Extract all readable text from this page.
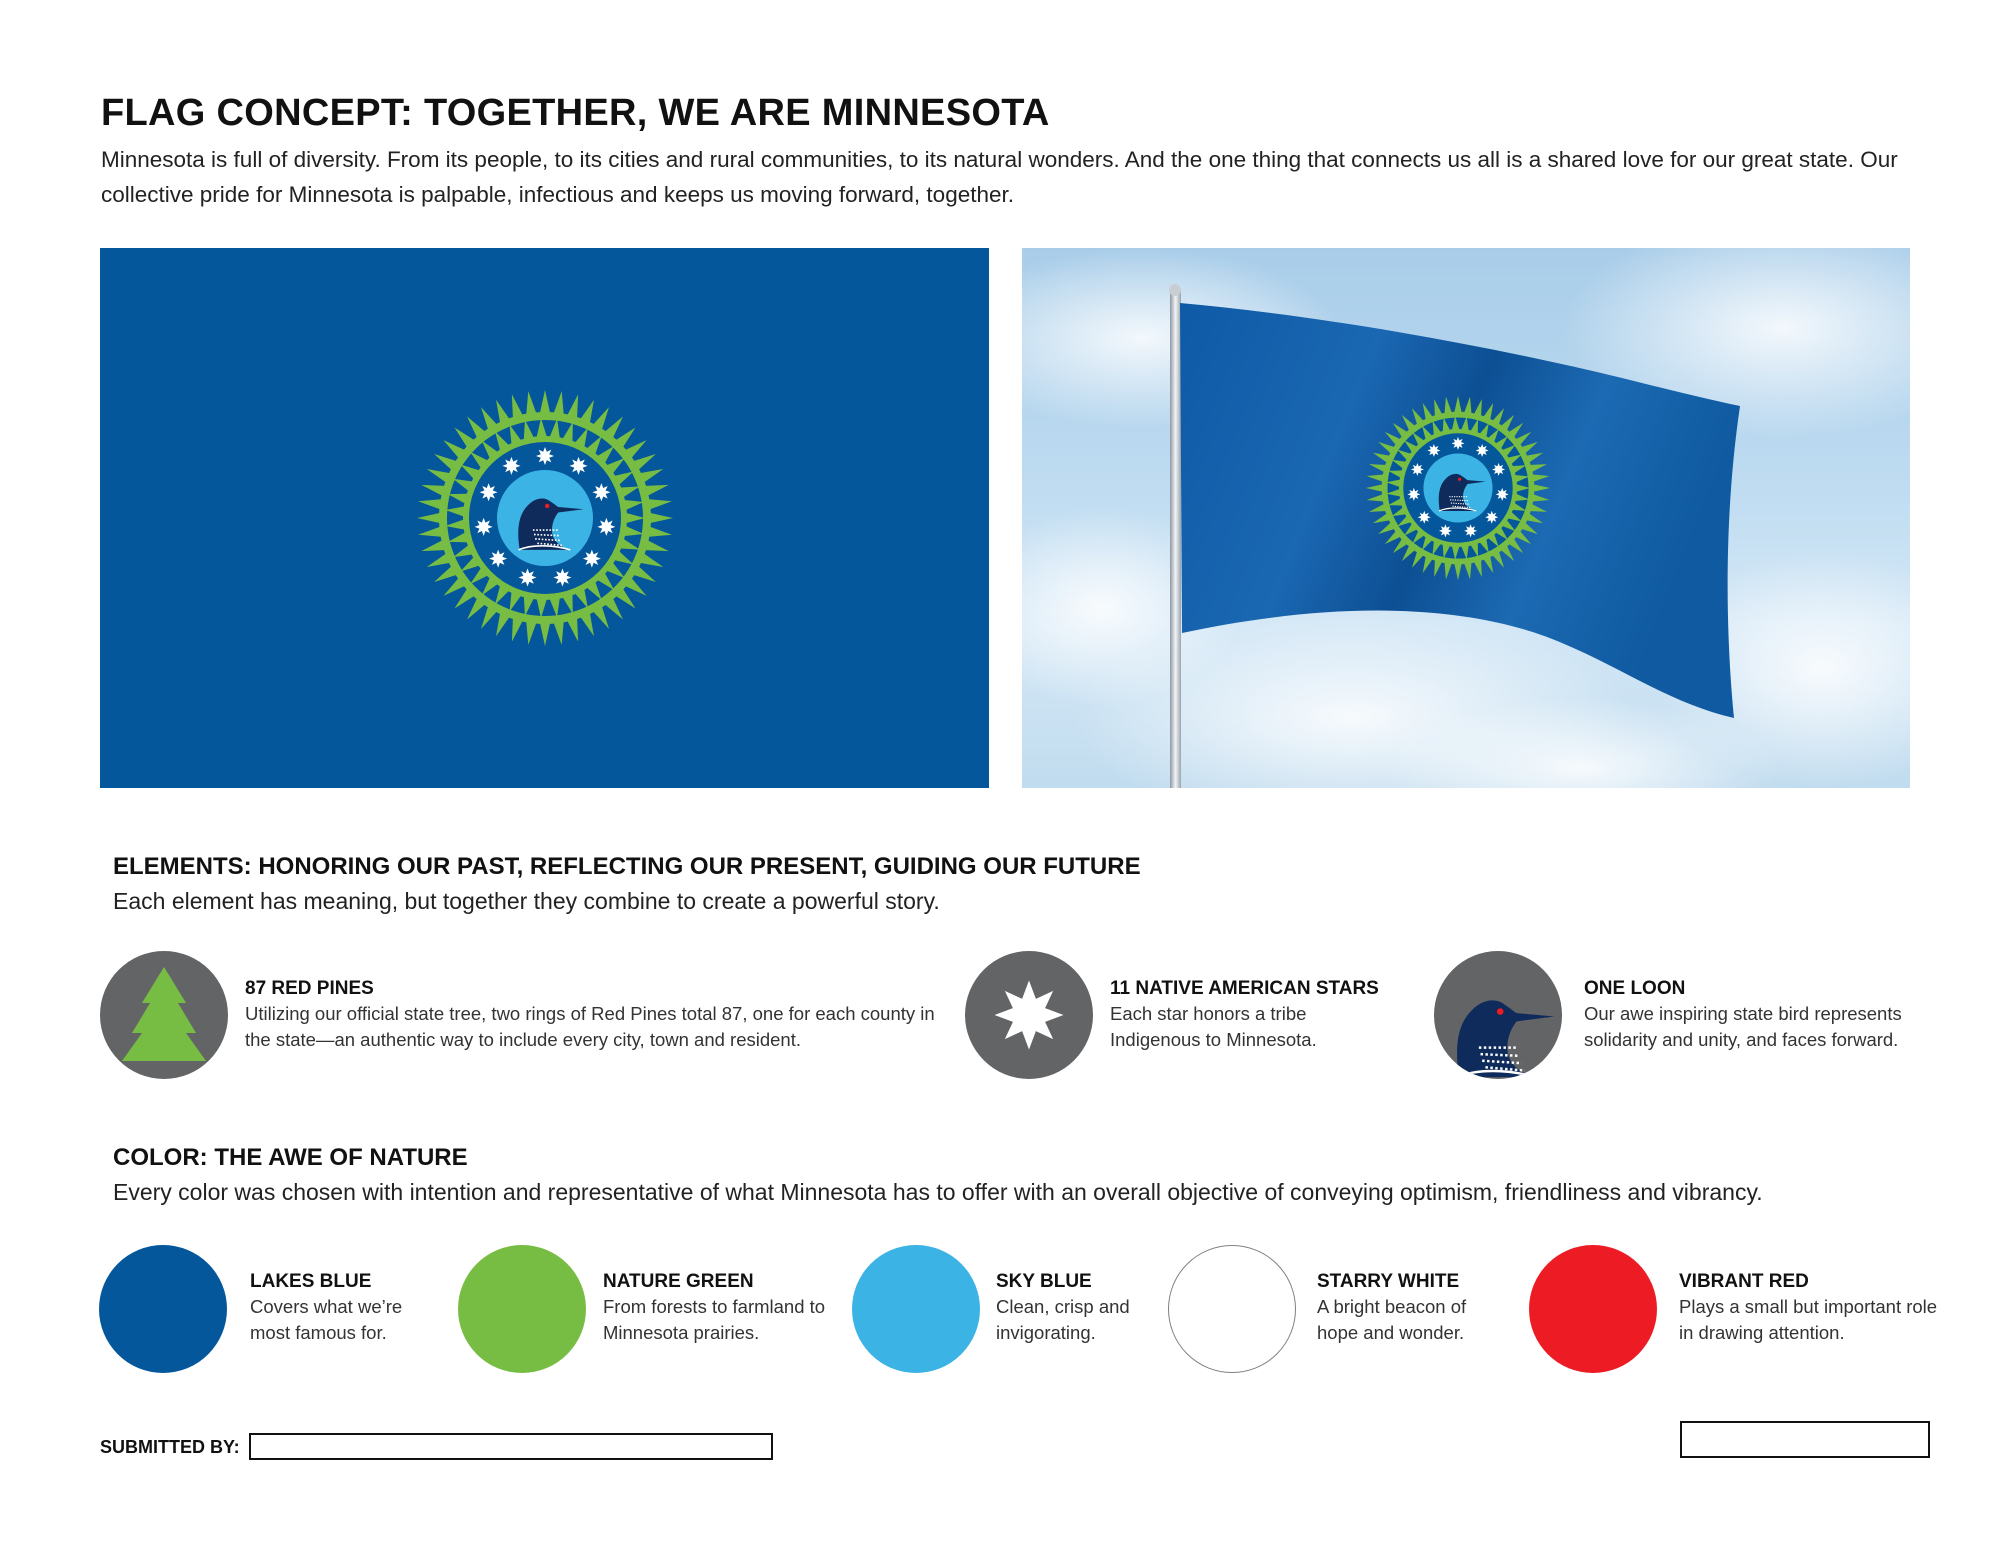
FLAG CONCEPT: TOGETHER, WE ARE MINNESOTA
Minnesota is full of diversity. From its people, to its cities and rural communities, to its natural wonders. And the one thing that connects us all is a shared love for our great state. Our collective pride for Minnesota is palpable, infectious and keeps us moving forward, together.
ELEMENTS: HONORING OUR PAST, REFLECTING OUR PRESENT, GUIDING OUR FUTURE
Each element has meaning, but together they combine to create a powerful story.
87 RED PINES
Utilizing our official state tree, two rings of Red Pines total 87, one for each county in the state—an authentic way to include every city, town and resident.
11 NATIVE AMERICAN STARS
Each star honors a tribe Indigenous to Minnesota.
ONE LOON
Our awe inspiring state bird represents solidarity and unity, and faces forward.
COLOR: THE AWE OF NATURE
Every color was chosen with intention and representative of what Minnesota has to offer with an overall objective of conveying optimism, friendliness and vibrancy.
LAKES BLUE
Covers what we’re most famous for.
NATURE GREEN
From forests to farmland to Minnesota prairies.
SKY BLUE
Clean, crisp and invigorating.
STARRY WHITE
A bright beacon of hope and wonder.
VIBRANT RED
Plays a small but important role in drawing attention.
SUBMITTED BY:
